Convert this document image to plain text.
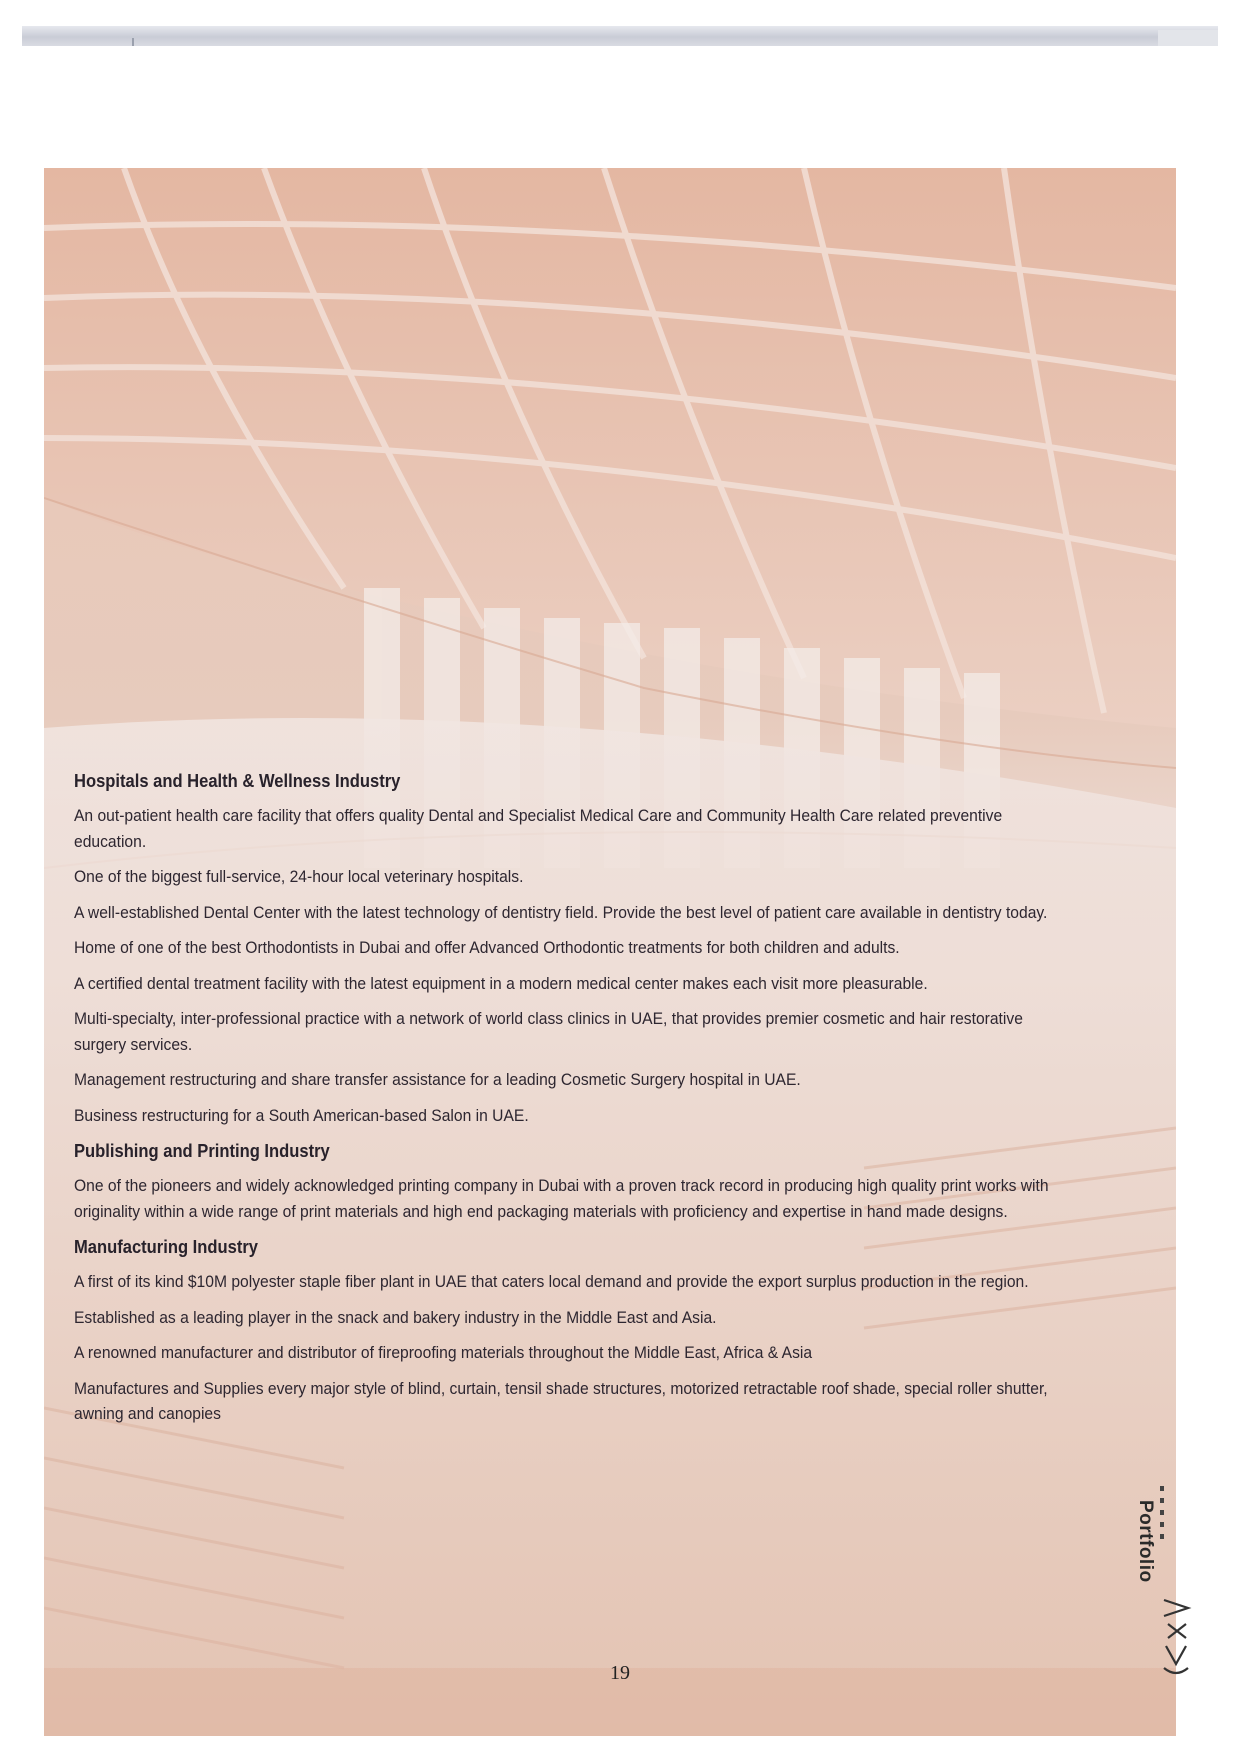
Hospitals and Health & Wellness Industry
An out-patient health care facility that offers quality Dental and Specialist Medical Care and Community Health Care related preventive education.
One of the biggest full-service, 24-hour local veterinary hospitals.
A well-established Dental Center with the latest technology of dentistry field. Provide the best level of patient care available in dentistry today.
Home of one of the best Orthodontists in Dubai and offer Advanced Orthodontic treatments for both children and adults.
A certified dental treatment facility with the latest equipment in a modern medical center makes each visit more pleasurable.
Multi-specialty, inter-professional practice with a network of world class clinics in UAE, that provides premier cosmetic and hair restorative surgery services.
Management restructuring and share transfer assistance for a leading Cosmetic Surgery hospital in UAE.
Business restructuring for a South American-based Salon in UAE.
Publishing and Printing Industry
One of the pioneers and widely acknowledged printing company in Dubai with a proven track record in producing high quality print works with originality within a wide range of print materials and high end packaging materials with proficiency and expertise in hand made designs.
Manufacturing Industry
A first of its kind $10M polyester staple fiber plant in UAE that caters local demand and provide the export surplus production in the region.
Established as a leading player in the snack and bakery industry in the Middle East and Asia.
A renowned manufacturer and distributor of fireproofing materials throughout the Middle East, Africa & Asia
Manufactures and Supplies every major style of blind, curtain, tensil shade structures, motorized retractable roof shade, special roller shutter, awning and canopies
Portfolio
19
